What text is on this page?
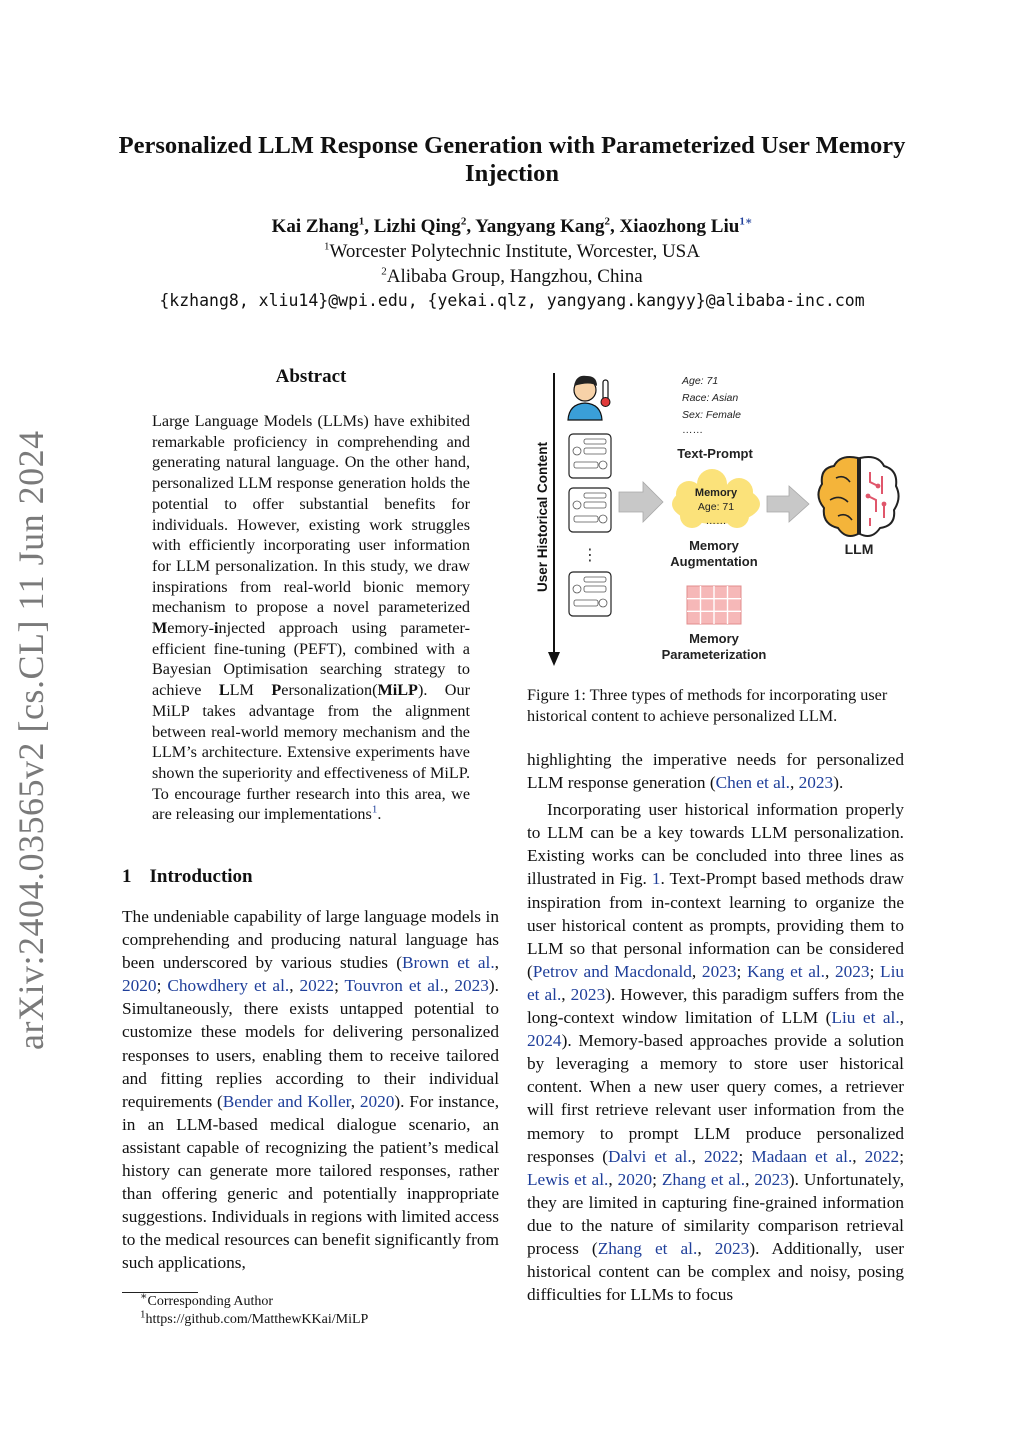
arXiv:2404.03565v2 [cs.CL] 11 Jun 2024
Personalized LLM Response Generation with Parameterized User Memory
Injection
Kai Zhang$^1$, Lizhi Qing$^2$, Yangyang Kang$^2$, Xiaozhong Liu$^{1∗}$
$^1$Worcester Polytechnic Institute, Worcester, USA
$^2$Alibaba Group, Hangzhou, China
{kzhang8, xliu14}@wpi.edu, {yekai.qlz, yangyang.kangyy}@alibaba-inc.com
Abstract
Large Language Models (LLMs) have exhibited remarkable proficiency in comprehending and generating natural language. On the other hand, personalized LLM response generation holds the potential to offer substantial benefits for individuals. However, existing work struggles with efficiently incorporating user information for LLM personalization. In this study, we draw inspirations from real-world bionic memory mechanism to propose a novel parameterized Memory-injected approach using parameter-efficient fine-tuning (PEFT), combined with a Bayesian Optimisation searching strategy to achieve LLM Personalization(MiLP). Our MiLP takes advantage from the alignment between real-world memory mechanism and the LLM’s architecture. Extensive experiments have shown the superiority and effectiveness of MiLP. To encourage further research into this area, we are releasing our implementations$^1$.
1 Introduction
The undeniable capability of large language models in comprehending and producing natural language has been underscored by various studies (Brown et al., 2020; Chowdhery et al., 2022; Touvron et al., 2023). Simultaneously, there exists untapped potential to customize these models for delivering personalized responses to users, enabling them to receive tailored and fitting replies according to their individual requirements (Bender and Koller, 2020). For instance, in an LLM-based medical dialogue scenario, an assistant capable of recognizing the patient’s medical history can generate more tailored responses, rather than offering generic and potentially inappropriate suggestions. Individuals in regions with limited access to the medical resources can benefit significantly from such applications,
∗Corresponding Author
$^1$https://github.com/MatthewKKai/MiLP
User Historical Content ⋮
Age: 71
Race: Asian
Sex: Female
……
Text-Prompt
Memory
Age: 71
……
Memory
Augmentation
Memory
Parameterization
LLM
Figure 1: Three types of methods for incorporating user historical content to achieve personalized LLM.

highlighting the imperative needs for personalized LLM response generation (Chen et al., 2023).

Incorporating user historical information properly to LLM can be a key towards LLM personalization. Existing works can be concluded into three lines as illustrated in Fig. 1. Text-Prompt based methods draw inspiration from in-context learning to organize the user historical content as prompts, providing them to LLM so that personal information can be considered (Petrov and Macdonald, 2023; Kang et al., 2023; Liu et al., 2023). However, this paradigm suffers from the long-context window limitation of LLM (Liu et al., 2024). Memory-based approaches provide a solution by leveraging a memory to store user historical content. When a new user query comes, a retriever will first retrieve relevant user information from the memory to prompt LLM produce personalized responses (Dalvi et al., 2022; Madaan et al., 2022; Lewis et al., 2020; Zhang et al., 2023). Unfortunately, they are limited in capturing fine-grained information due to the nature of similarity comparison retrieval process (Zhang et al., 2023). Additionally, user historical content can be complex and noisy, posing difficulties for LLMs to focus
